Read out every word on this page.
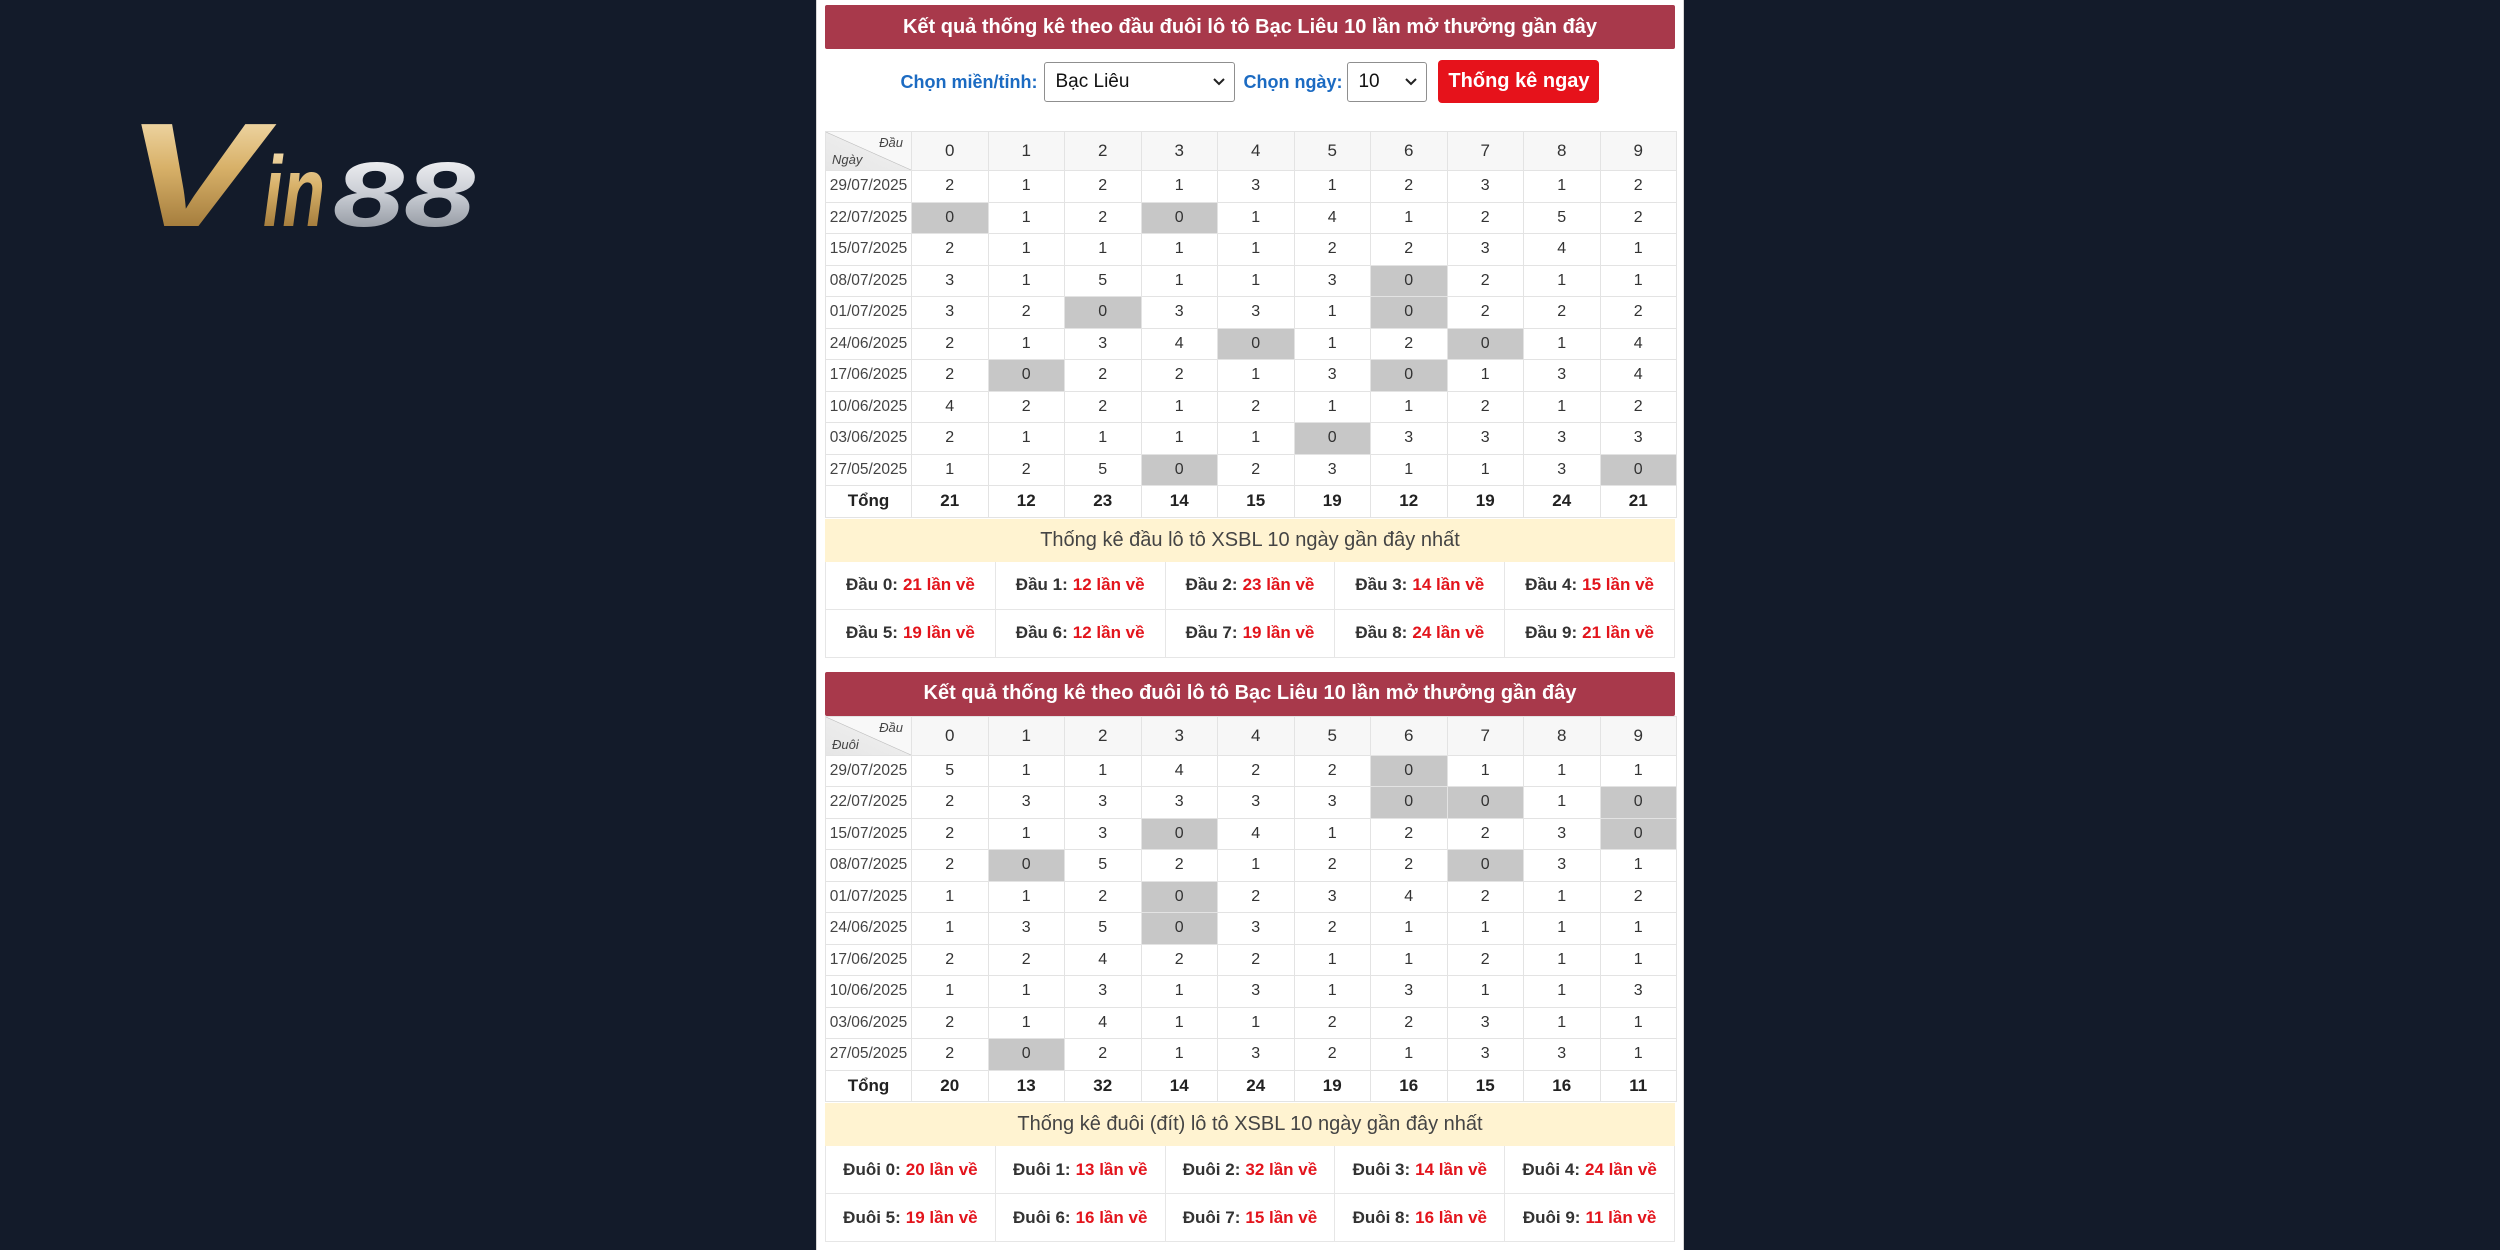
V
in 88
Kết quả thống kê theo đầu đuôi lô tô Bạc Liêu 10 lần mở thưởng gần đây
Chọn miền/tỉnh: Bạc Liêu	Chọn ngày: 10	Thống kê ngay
Đầu
Ngày	0	1	2	3	4	5	6	7	8	9
29/07/2025	2	1	2	1	3	1	2	3	1	2
22/07/2025	0	1	2	0	1	4	1	2	5	2
15/07/2025	2	1	1	1	1	2	2	3	4	1
08/07/2025	3	1	5	1	1	3	0	2	1	1
01/07/2025	3	2	0	3	3	1	0	2	2	2
24/06/2025	2	1	3	4	0	1	2	0	1	4
17/06/2025	2	0	2	2	1	3	0	1	3	4
10/06/2025	4	2	2	1	2	1	1	2	1	2
03/06/2025	2	1	1	1	1	0	3	3	3	3
27/05/2025	1	2	5	0	2	3	1	1	3	0
Tổng	21	12	23	14	15	19	12	19	24	21
Thống kê đầu lô tô XSBL 10 ngày gần đây nhất
Đầu 0: 21 lần về Đầu 1: 12 lần về Đầu 2: 23 lần về Đầu 3: 14 lần về Đầu 4: 15 lần về
Đầu 5: 19 lần về Đầu 6: 12 lần về Đầu 7: 19 lần về Đầu 8: 24 lần về Đầu 9: 21 lần về
Kết quả thống kê theo đuôi lô tô Bạc Liêu 10 lần mở thưởng gần đây
Đầu
Đuôi	0	1	2	3	4	5	6	7	8	9
29/07/2025	5	1	1	4	2	2	0	1	1	1
22/07/2025	2	3	3	3	3	3	0	0	1	0
15/07/2025	2	1	3	0	4	1	2	2	3	0
08/07/2025	2	0	5	2	1	2	2	0	3	1
01/07/2025	1	1	2	0	2	3	4	2	1	2
24/06/2025	1	3	5	0	3	2	1	1	1	1
17/06/2025	2	2	4	2	2	1	1	2	1	1
10/06/2025	1	1	3	1	3	1	3	1	1	3
03/06/2025	2	1	4	1	1	2	2	3	1	1
27/05/2025	2	0	2	1	3	2	1	3	3	1
Tổng	20	13	32	14	24	19	16	15	16	11
Thống kê đuôi (đít) lô tô XSBL 10 ngày gần đây nhất
Đuôi 0: 20 lần về Đuôi 1: 13 lần về Đuôi 2: 32 lần về Đuôi 3: 14 lần về Đuôi 4: 24 lần về
Đuôi 5: 19 lần về Đuôi 6: 16 lần về Đuôi 7: 15 lần về Đuôi 8: 16 lần về Đuôi 9: 11 lần về
